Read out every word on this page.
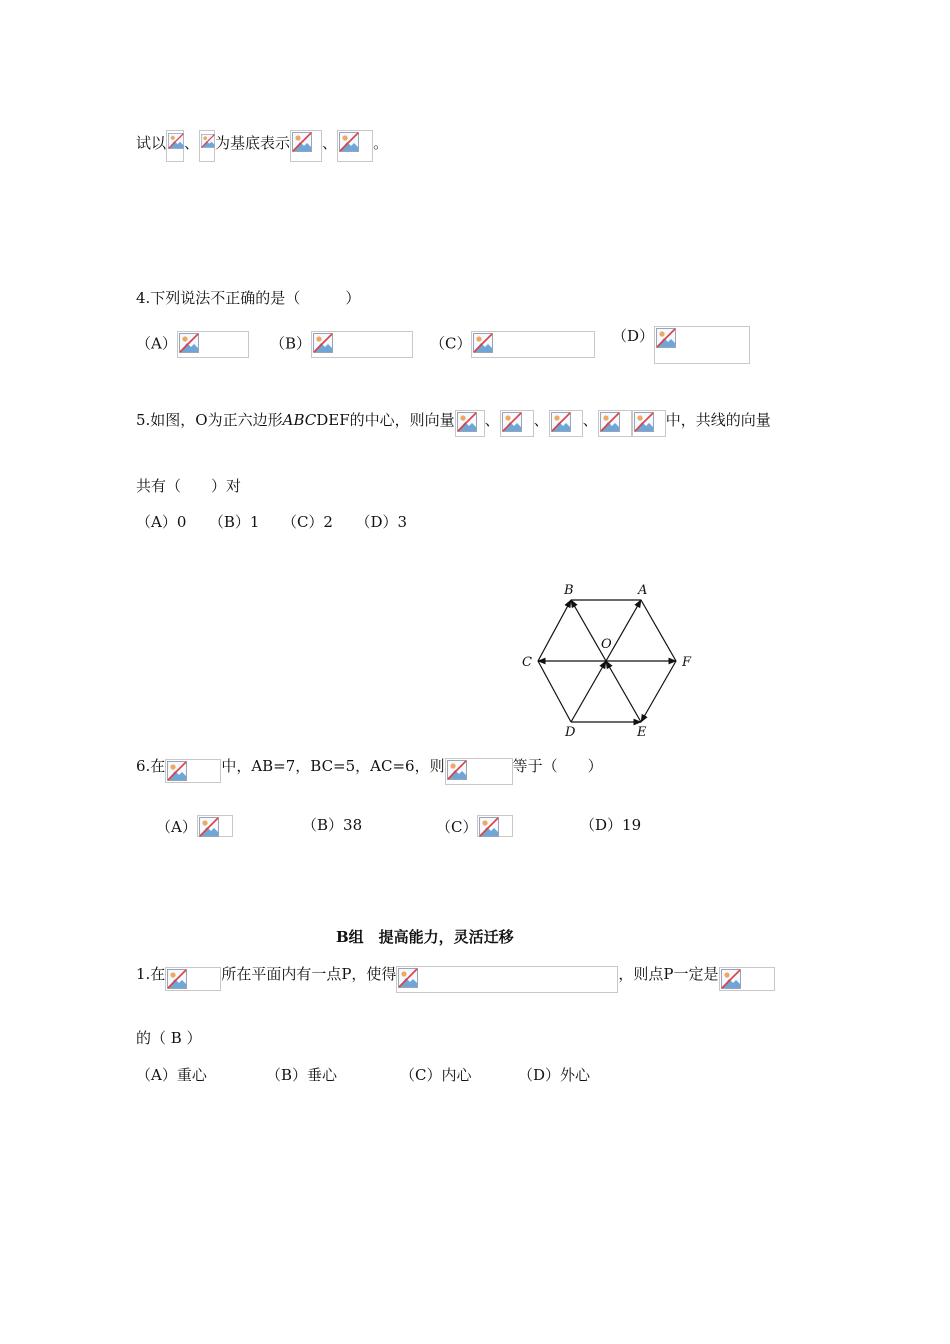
试以 、 为基底表示 、 。
4.下列说法不正确的是（　　　）
（A）	（B）	（C）	（D）
5.如图，O为正六边形ABCDEF的中心，则向量 、 、 、	中，共线的向量
共有（　　）对
（A）0　　（B）1　　（C）2　　（D）3
B	A
O
C	F
D	E
6.在	中，AB=7，BC=5，AC=6，则	等于（　　）
（A）	（B）38	（C）	（D）19
B组　提高能力，灵活迁移
1.在	所在平面内有一点P，使得	，则点P一定是
的（ B ）
（A）重心	（B）垂心	（C）内心	（D）外心
